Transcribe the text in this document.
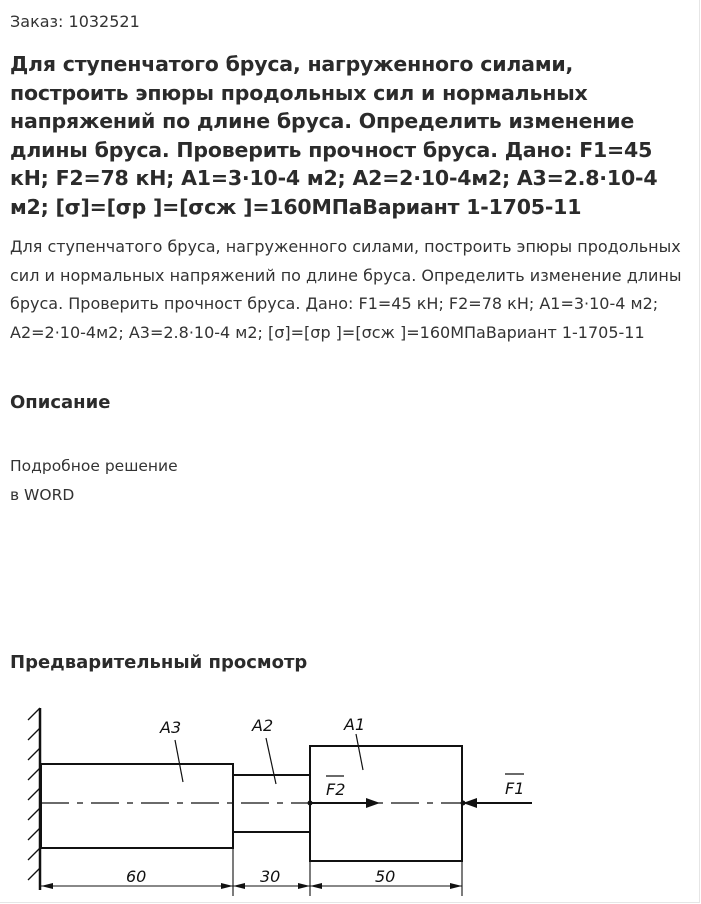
Заказ: 1032521
Для ступенчатого бруса, нагруженного силами, построить эпюры продольных сил и нормальных напряжений по длине бруса. Определить изменение длины бруса. Проверить прочност бруса. Дано: F1=45 кН; F2=78 кН; A1=3·10-4 м2; A2=2·10-4м2; A3=2.8·10-4 м2; [σ]=[σр ]=[σсж ]=160МПаВариант 1-1705-11
Для ступенчатого бруса, нагруженного силами, построить эпюры продольных сил и нормальных напряжений по длине бруса. Определить изменение длины бруса. Проверить прочност бруса. Дано: F1=45 кН; F2=78 кН; A1=3·10-4 м2; A2=2·10-4м2; A3=2.8·10-4 м2; [σ]=[σр ]=[σсж ]=160МПаВариант 1-1705-11
Описание
Подробное решение
в WORD
Предварительный просмотр
A3	A2	A1
F2	F1
60	30	50
